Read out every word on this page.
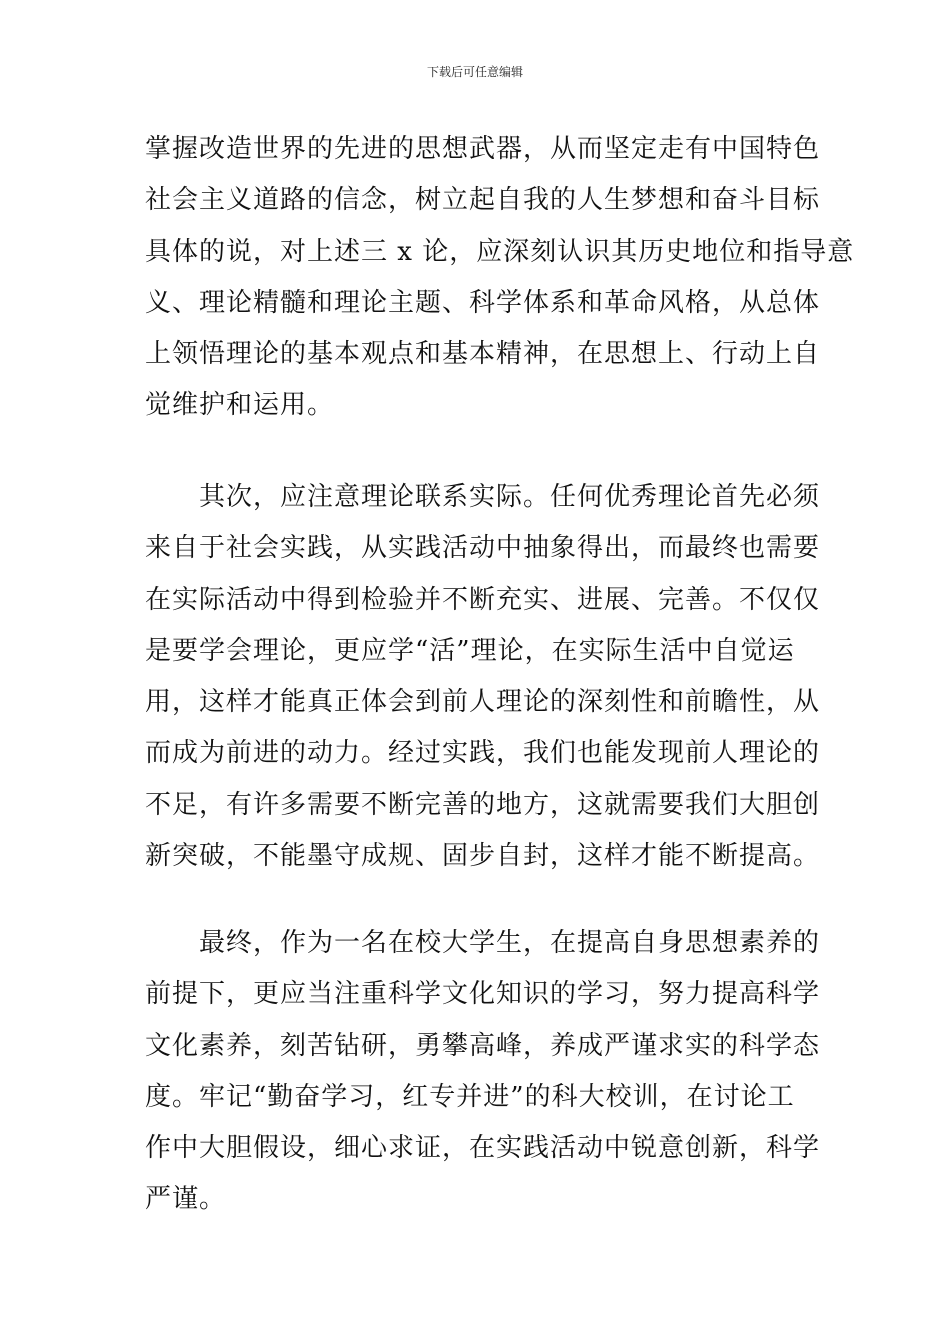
下载后可任意编辑
掌握改造世界的先进的思想武器，从而坚定走有中国特色
社会主义道路的信念，树立起自我的人生梦想和奋斗目标
具体的说，对上述三 x 论，应深刻认识其历史地位和指导意
义、理论精髓和理论主题、科学体系和革命风格，从总体
上领悟理论的基本观点和基本精神，在思想上、行动上自
觉维护和运用。
　　其次，应注意理论联系实际。任何优秀理论首先必须
来自于社会实践，从实践活动中抽象得出，而最终也需要
在实际活动中得到检验并不断充实、进展、完善。不仅仅
是要学会理论，更应学“活”理论，在实际生活中自觉运
用，这样才能真正体会到前人理论的深刻性和前瞻性，从
而成为前进的动力。经过实践，我们也能发现前人理论的
不足，有许多需要不断完善的地方，这就需要我们大胆创
新突破，不能墨守成规、固步自封，这样才能不断提高。
　　最终，作为一名在校大学生，在提高自身思想素养的
前提下，更应当注重科学文化知识的学习，努力提高科学
文化素养，刻苦钻研，勇攀高峰，养成严谨求实的科学态
度。牢记“勤奋学习，红专并进”的科大校训，在讨论工
作中大胆假设，细心求证，在实践活动中锐意创新，科学
严谨。
